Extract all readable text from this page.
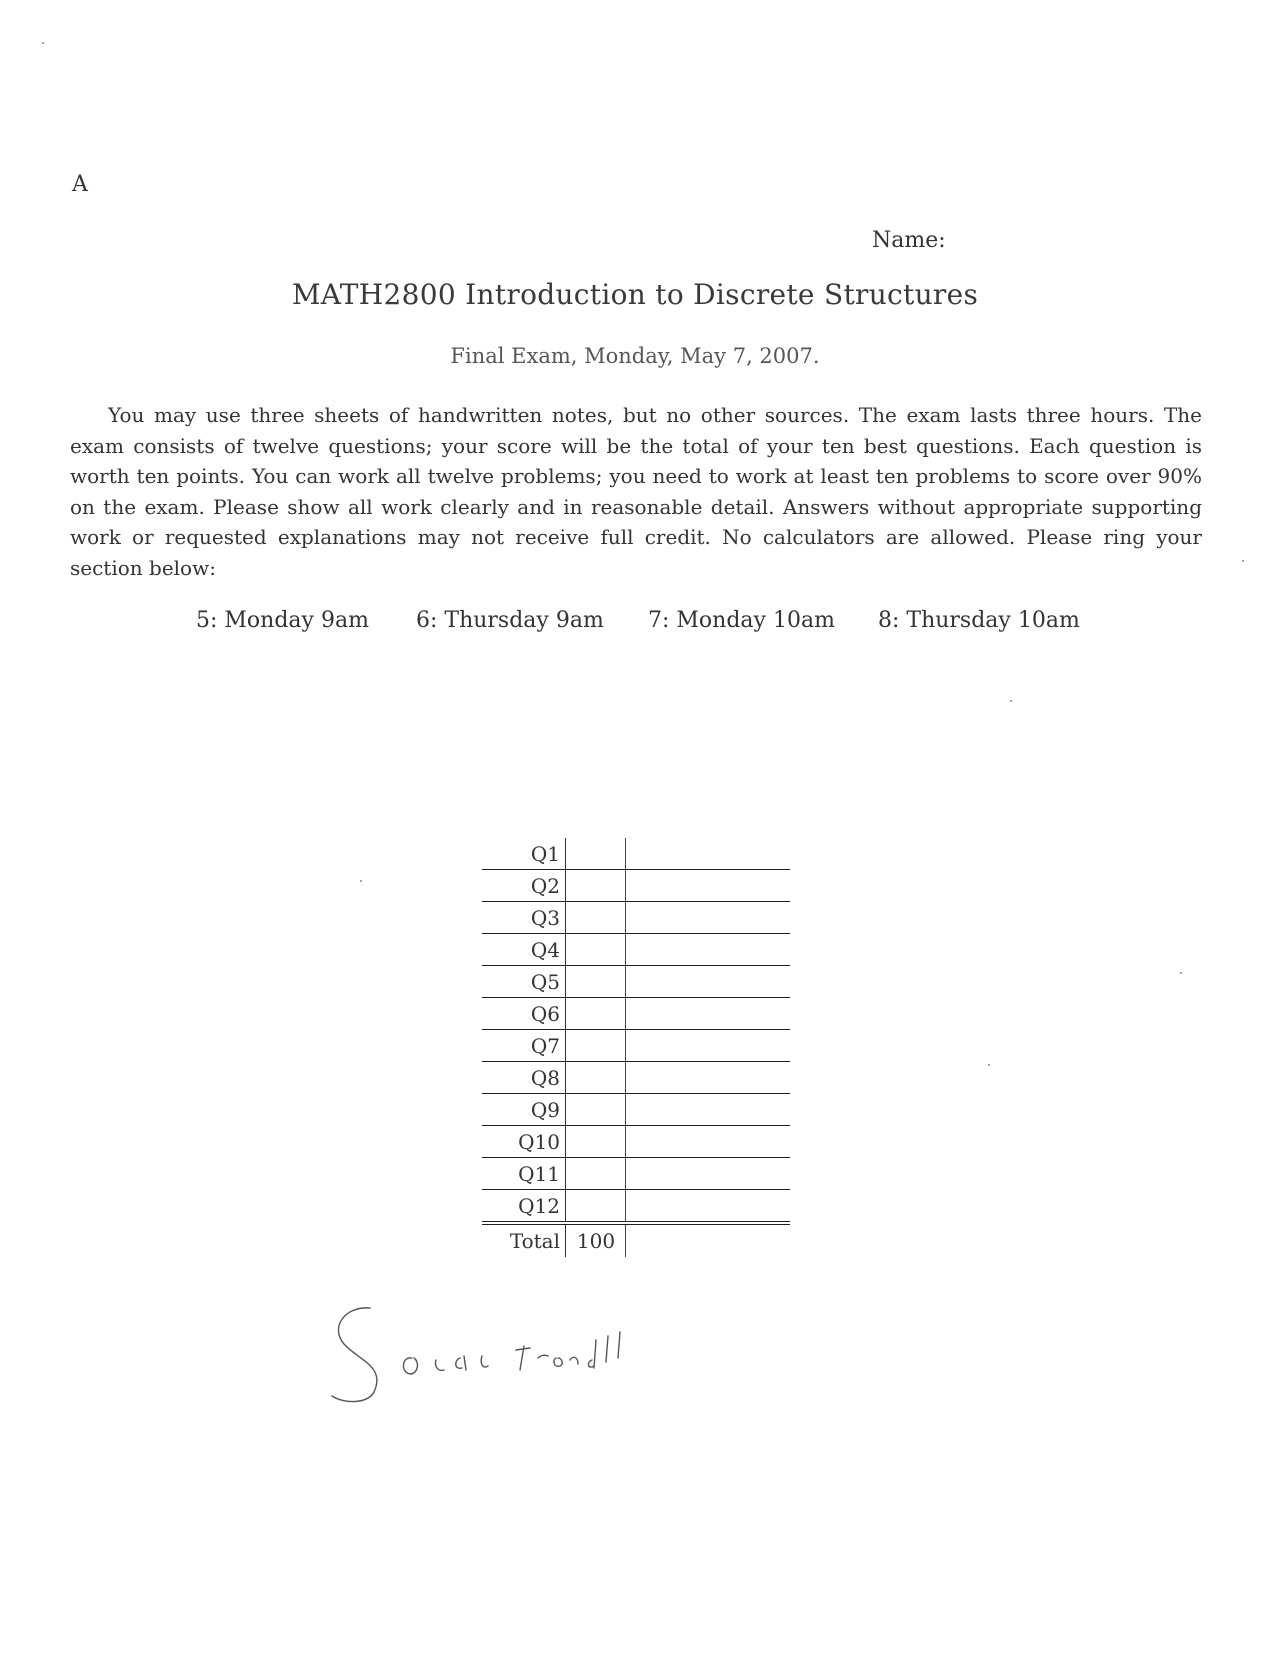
A
Name:
MATH2800 Introduction to Discrete Structures
Final Exam, Monday, May 7, 2007.
You may use three sheets of handwritten notes, but no other sources. The exam lasts three hours. The exam consists of twelve questions; your score will be the total of your ten best questions. Each question is worth ten points. You can work all twelve problems; you need to work at least ten problems to score over 90% on the exam. Please show all work clearly and in reasonable detail. Answers without appropriate supporting work or requested explanations may not receive full credit. No calculators are allowed. Please ring your section below:
5: Monday 9am 6: Thursday 9am 7: Monday 10am 8: Thursday 10am
Q1
Q2
Q3
Q4
Q5
Q6
Q7
Q8
Q9
Q10
Q11
Q12
Total 100
Sarah Trotti
